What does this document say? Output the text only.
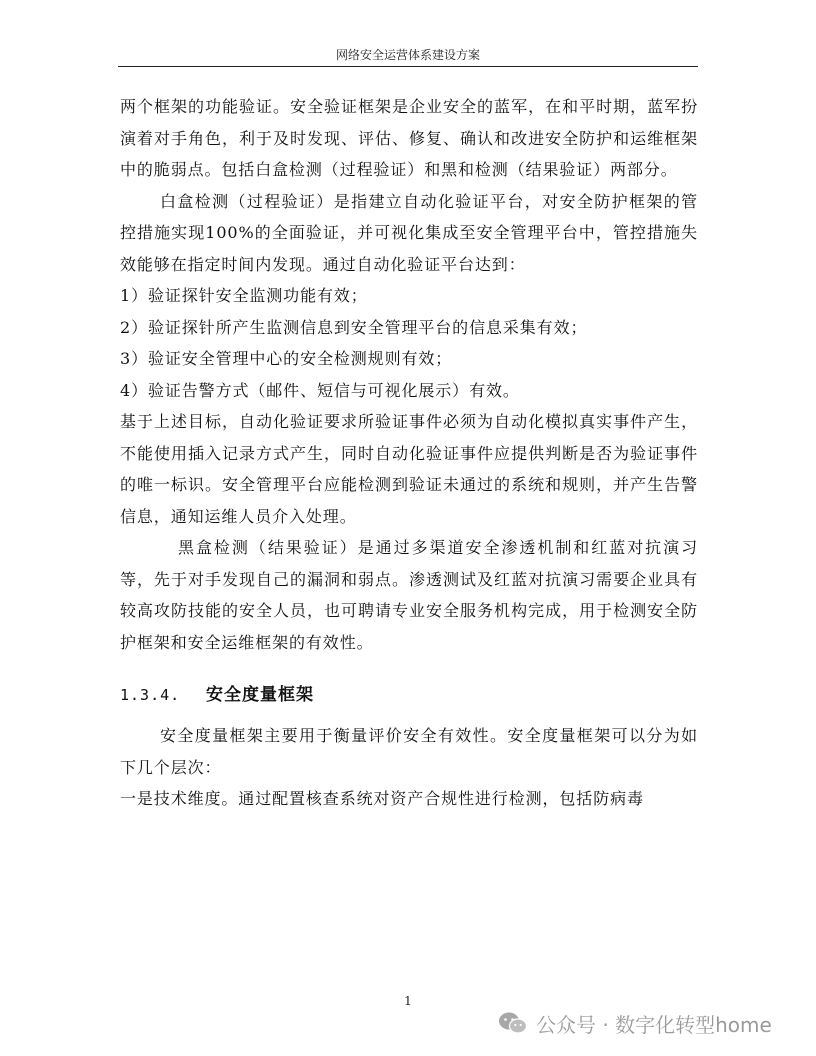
网络安全运营体系建设方案

两个框架的功能验证。安全验证框架是企业安全的蓝军，在和平时期，蓝军扮演着对手角色，利于及时发现、评估、修复、确认和改进安全防护和运维框架中的脆弱点。包括白盒检测（过程验证）和黑和检测（结果验证）两部分。

白盒检测（过程验证）是指建立自动化验证平台，对安全防护框架的管控措施实现100%的全面验证，并可视化集成至安全管理平台中，管控措施失效能够在指定时间内发现。通过自动化验证平台达到：

1）验证探针安全监测功能有效；

2）验证探针所产生监测信息到安全管理平台的信息采集有效；

3）验证安全管理中心的安全检测规则有效；

4）验证告警方式（邮件、短信与可视化展示）有效。

基于上述目标，自动化验证要求所验证事件必须为自动化模拟真实事件产生，不能使用插入记录方式产生，同时自动化验证事件应提供判断是否为验证事件的唯一标识。安全管理平台应能检测到验证未通过的系统和规则，并产生告警信息，通知运维人员介入处理。

黑盒检测（结果验证）是通过多渠道安全渗透机制和红蓝对抗演习等，先于对手发现自己的漏洞和弱点。渗透测试及红蓝对抗演习需要企业具有较高攻防技能的安全人员，也可聘请专业安全服务机构完成，用于检测安全防护框架和安全运维框架的有效性。

1.3.4.	安全度量框架

安全度量框架主要用于衡量评价安全有效性。安全度量框架可以分为如下几个层次：

一是技术维度。通过配置核查系统对资产合规性进行检测，包括防病毒

1
公众号 · 数字化转型home
